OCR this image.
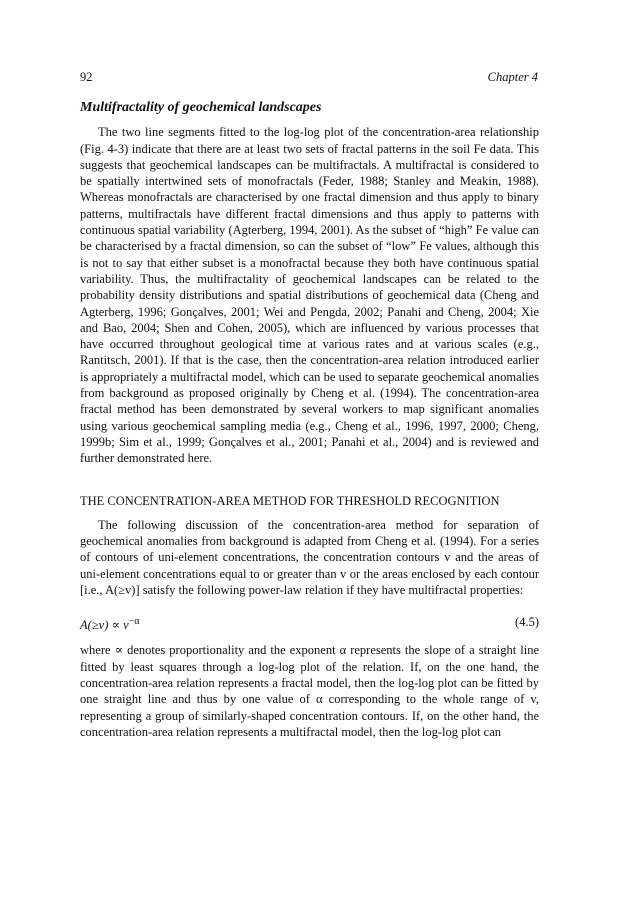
92	Chapter 4
Multifractality of geochemical landscapes

The two line segments fitted to the log-log plot of the concentration-area relationship (Fig. 4-3) indicate that there are at least two sets of fractal patterns in the soil Fe data. This suggests that geochemical landscapes can be multifractals. A multifractal is considered to be spatially intertwined sets of monofractals (Feder, 1988; Stanley and Meakin, 1988). Whereas monofractals are characterised by one fractal dimension and thus apply to binary patterns, multifractals have different fractal dimensions and thus apply to patterns with continuous spatial variability (Agterberg, 1994, 2001). As the subset of “high” Fe value can be characterised by a fractal dimension, so can the subset of “low” Fe values, although this is not to say that either subset is a monofractal because they both have continuous spatial variability. Thus, the multifractality of geochemical landscapes can be related to the probability density distributions and spatial distributions of geochemical data (Cheng and Agterberg, 1996; Gonçalves, 2001; Wei and Pengda, 2002; Panahi and Cheng, 2004; Xie and Bao, 2004; Shen and Cohen, 2005), which are influenced by various processes that have occurred throughout geological time at various rates and at various scales (e.g., Rantitsch, 2001). If that is the case, then the concentration-area relation introduced earlier is appropriately a multifractal model, which can be used to separate geochemical anomalies from background as proposed originally by Cheng et al. (1994). The concentration-area fractal method has been demonstrated by several workers to map significant anomalies using various geochemical sampling media (e.g., Cheng et al., 1996, 1997, 2000; Cheng, 1999b; Sim et al., 1999; Gonçalves et al., 2001; Panahi et al., 2004) and is reviewed and further demonstrated here.

THE CONCENTRATION-AREA METHOD FOR THRESHOLD RECOGNITION

The following discussion of the concentration-area method for separation of geochemical anomalies from background is adapted from Cheng et al. (1994). For a series of contours of uni-element concentrations, the concentration contours v and the areas of uni-element concentrations equal to or greater than v or the areas enclosed by each contour [i.e., A(≥v)] satisfy the following power-law relation if they have multifractal properties:

$A(\ge v) \propto v^{-\alpha}$	(4.5)

where ∝ denotes proportionality and the exponent α represents the slope of a straight line fitted by least squares through a log-log plot of the relation. If, on the one hand, the concentration-area relation represents a fractal model, then the log-log plot can be fitted by one straight line and thus by one value of α corresponding to the whole range of v, representing a group of similarly-shaped concentration contours. If, on the other hand, the concentration-area relation represents a multifractal model, then the log-log plot can
